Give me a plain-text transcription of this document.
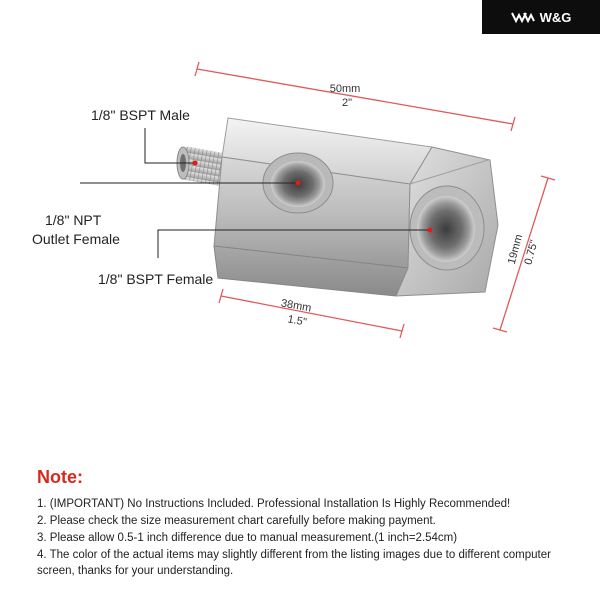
W&G
1/8" BSPT Male
1/8" NPT
Outlet Female
1/8" BSPT Female
50mm
2"
38mm
1.5"
19mm
0.75"
Note:
1. (IMPORTANT) No Instructions Included. Professional Installation Is Highly Recommended!
2. Please check the size measurement chart carefully before making payment.
3. Please allow 0.5-1 inch difference due to manual measurement.(1 inch=2.54cm)
4. The color of the actual items may slightly different from the listing images due to different computer screen, thanks for your understanding.
